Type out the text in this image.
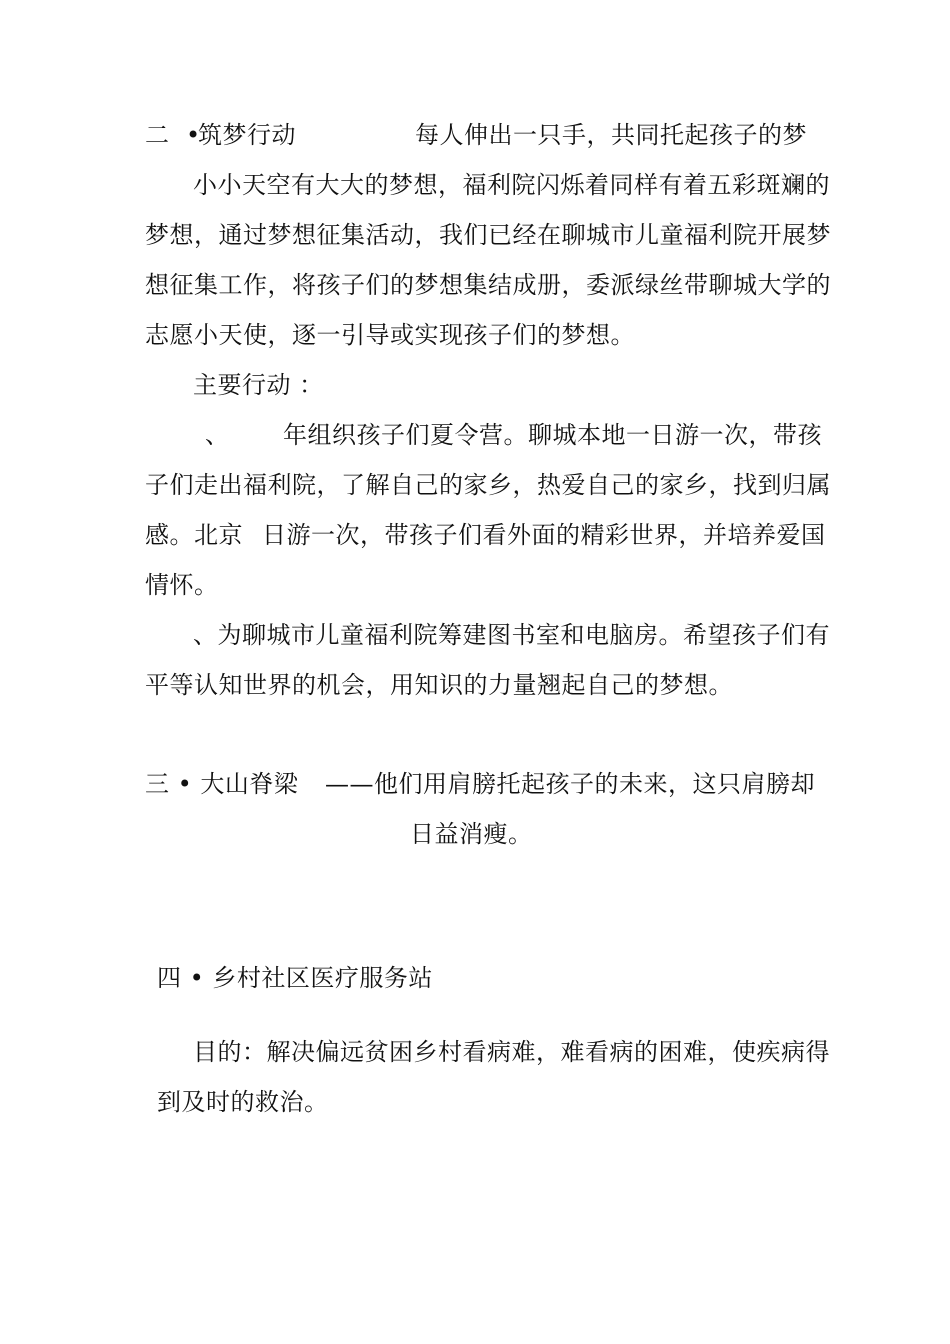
二 •
筑梦行动	每人伸出一只手，共同托起孩子的梦
小小天空有大大的梦想，福利院闪烁着同样有着五彩斑斓的
梦想，通过梦想征集活动，我们已经在聊城市儿童福利院开展梦
想征集工作，将孩子们的梦想集结成册，委派绿丝带聊城大学的
志愿小天使，逐一引导或实现孩子们的梦想。
主要行动 ：
、 年组织孩子们夏令营。聊城本地一日游一次，带孩
子们走出福利院，了解自己的家乡，热爱自己的家乡，找到归属
感。北京 日游一次，带孩子们看外面的精彩世界，并培养爱国
情怀。
、为聊城市儿童福利院筹建图书室和电脑房。希望孩子们有
平等认知世界的机会，用知识的力量翘起自己的梦想。
三 • 大山脊梁 ——他们用肩膀托起孩子的未来，这只肩膀却
日益消瘦。
四 • 乡村社区医疗服务站
目的：解决偏远贫困乡村看病难，难看病的困难，使疾病得
到及时的救治。
